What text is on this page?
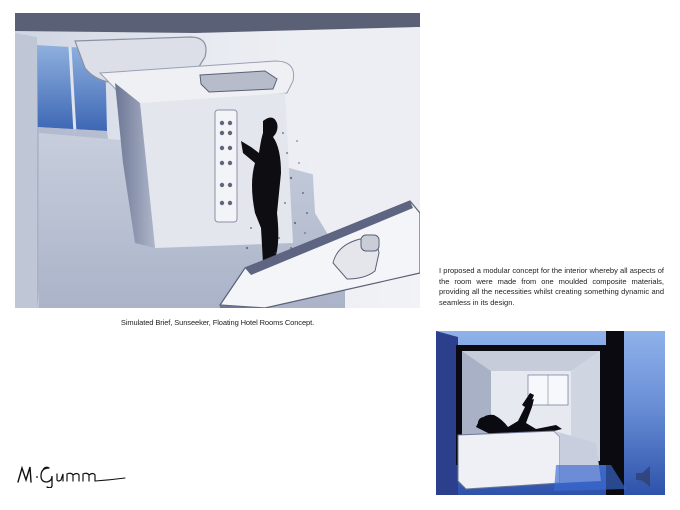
Simulated Brief, Sunseeker, Floating Hotel Rooms Concept.
I proposed a modular concept for the interior whereby all aspects of the room were made from one moulded composite materials, providing all the necessities whilst creating something dynamic and seamless in its design.
